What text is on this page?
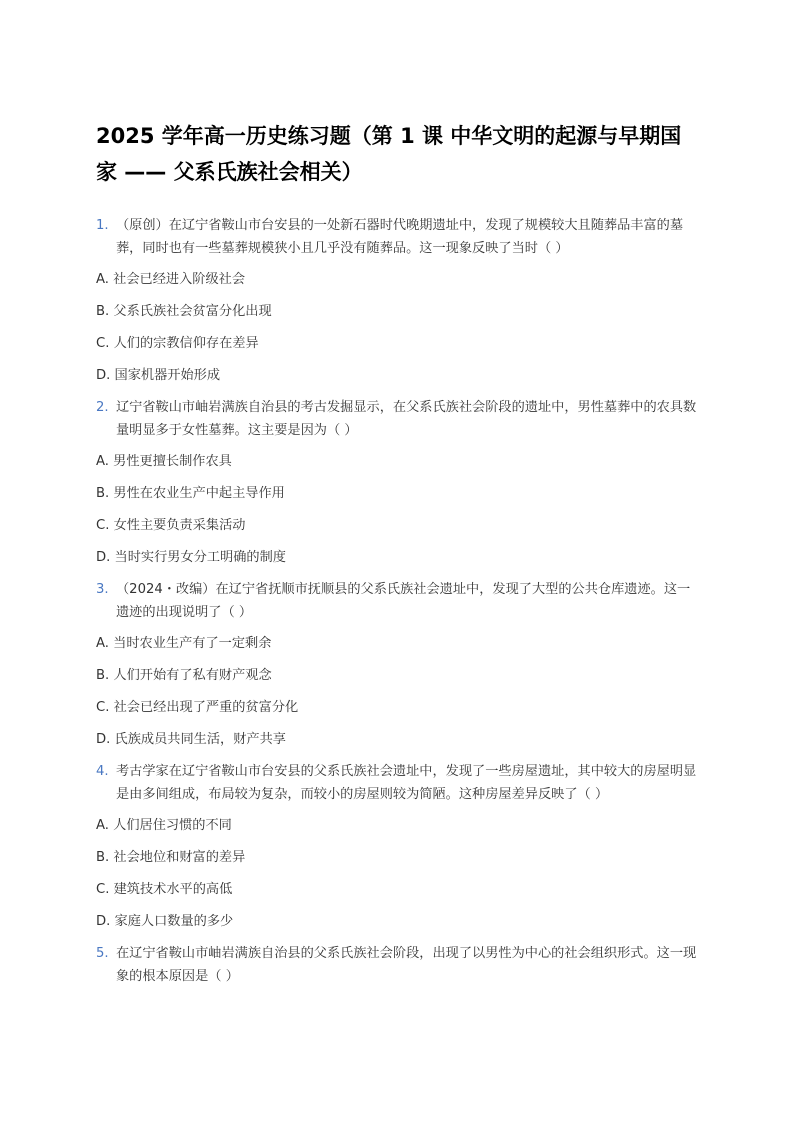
2025 学年高一历史练习题（第 1 课 中华文明的起源与早期国家 —— 父系氏族社会相关）
1. （原创）在辽宁省鞍山市台安县的一处新石器时代晚期遗址中，发现了规模较大且随葬品丰富的墓葬，同时也有一些墓葬规模狭小且几乎没有随葬品。这一现象反映了当时（ ）
A. 社会已经进入阶级社会
B. 父系氏族社会贫富分化出现
C. 人们的宗教信仰存在差异
D. 国家机器开始形成
2. 辽宁省鞍山市岫岩满族自治县的考古发掘显示，在父系氏族社会阶段的遗址中，男性墓葬中的农具数量明显多于女性墓葬。这主要是因为（ ）
A. 男性更擅长制作农具
B. 男性在农业生产中起主导作用
C. 女性主要负责采集活动
D. 当时实行男女分工明确的制度
3. （2024・改编）在辽宁省抚顺市抚顺县的父系氏族社会遗址中，发现了大型的公共仓库遗迹。这一遗迹的出现说明了（ ）
A. 当时农业生产有了一定剩余
B. 人们开始有了私有财产观念
C. 社会已经出现了严重的贫富分化
D. 氏族成员共同生活，财产共享
4. 考古学家在辽宁省鞍山市台安县的父系氏族社会遗址中，发现了一些房屋遗址，其中较大的房屋明显是由多间组成，布局较为复杂，而较小的房屋则较为简陋。这种房屋差异反映了（ ）
A. 人们居住习惯的不同
B. 社会地位和财富的差异
C. 建筑技术水平的高低
D. 家庭人口数量的多少
5. 在辽宁省鞍山市岫岩满族自治县的父系氏族社会阶段，出现了以男性为中心的社会组织形式。这一现象的根本原因是（ ）
